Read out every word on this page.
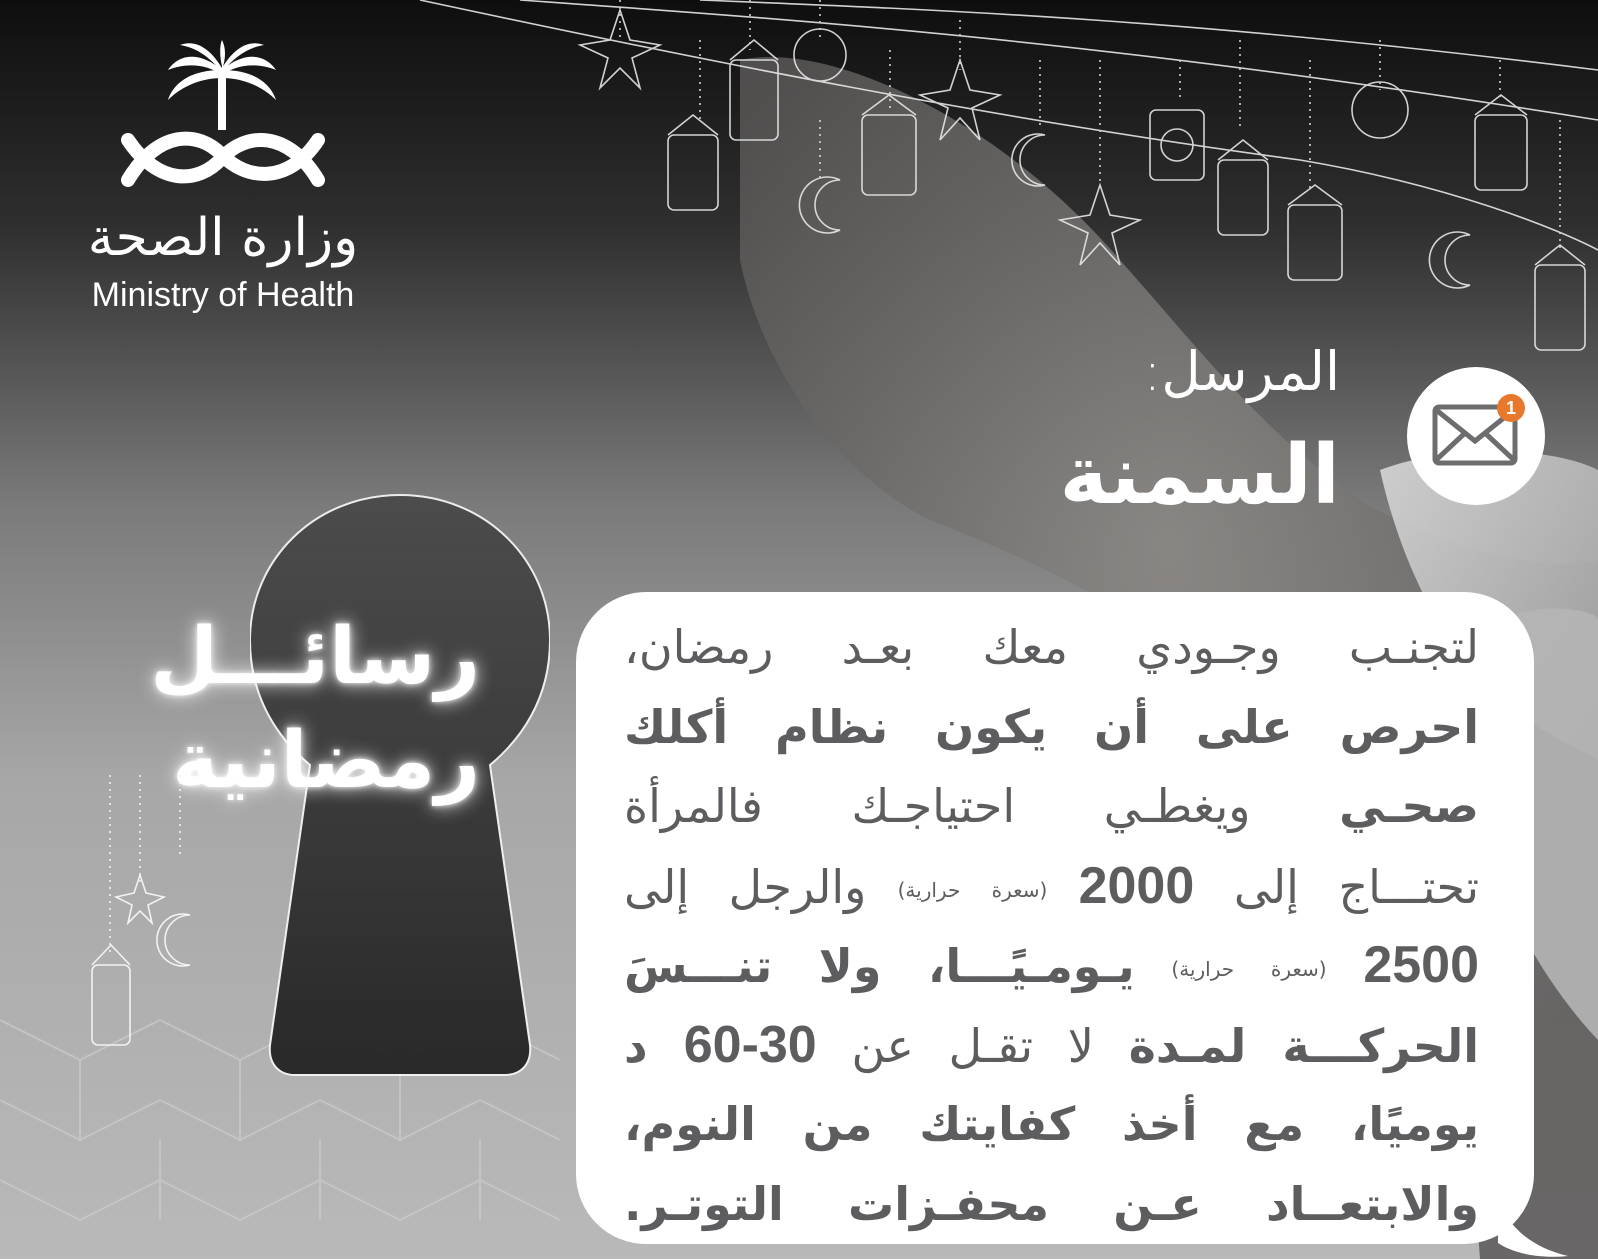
وزارة الصحة
Ministry of Health
المرسل:
السمنة
1
رسائـــل
رمضانية
لتجنـب وجـودي معك بعـد رمضان،
احرص على أن يكون نظام أكلك
صحـي ويغطـي احتياجـك فالمرأة
تحتـــاج إلى 2000 (سعرة حرارية) والرجل إلى
2500 (سعرة حرارية) يـومـيًـــا، ولا تنـــسَ
الحركـــة لمـدة لا تقـل عن 30-60 د
يوميًا، مع أخذ كفايتك من النوم،
والابتعــاد عـن محفـزات التوتـر.
